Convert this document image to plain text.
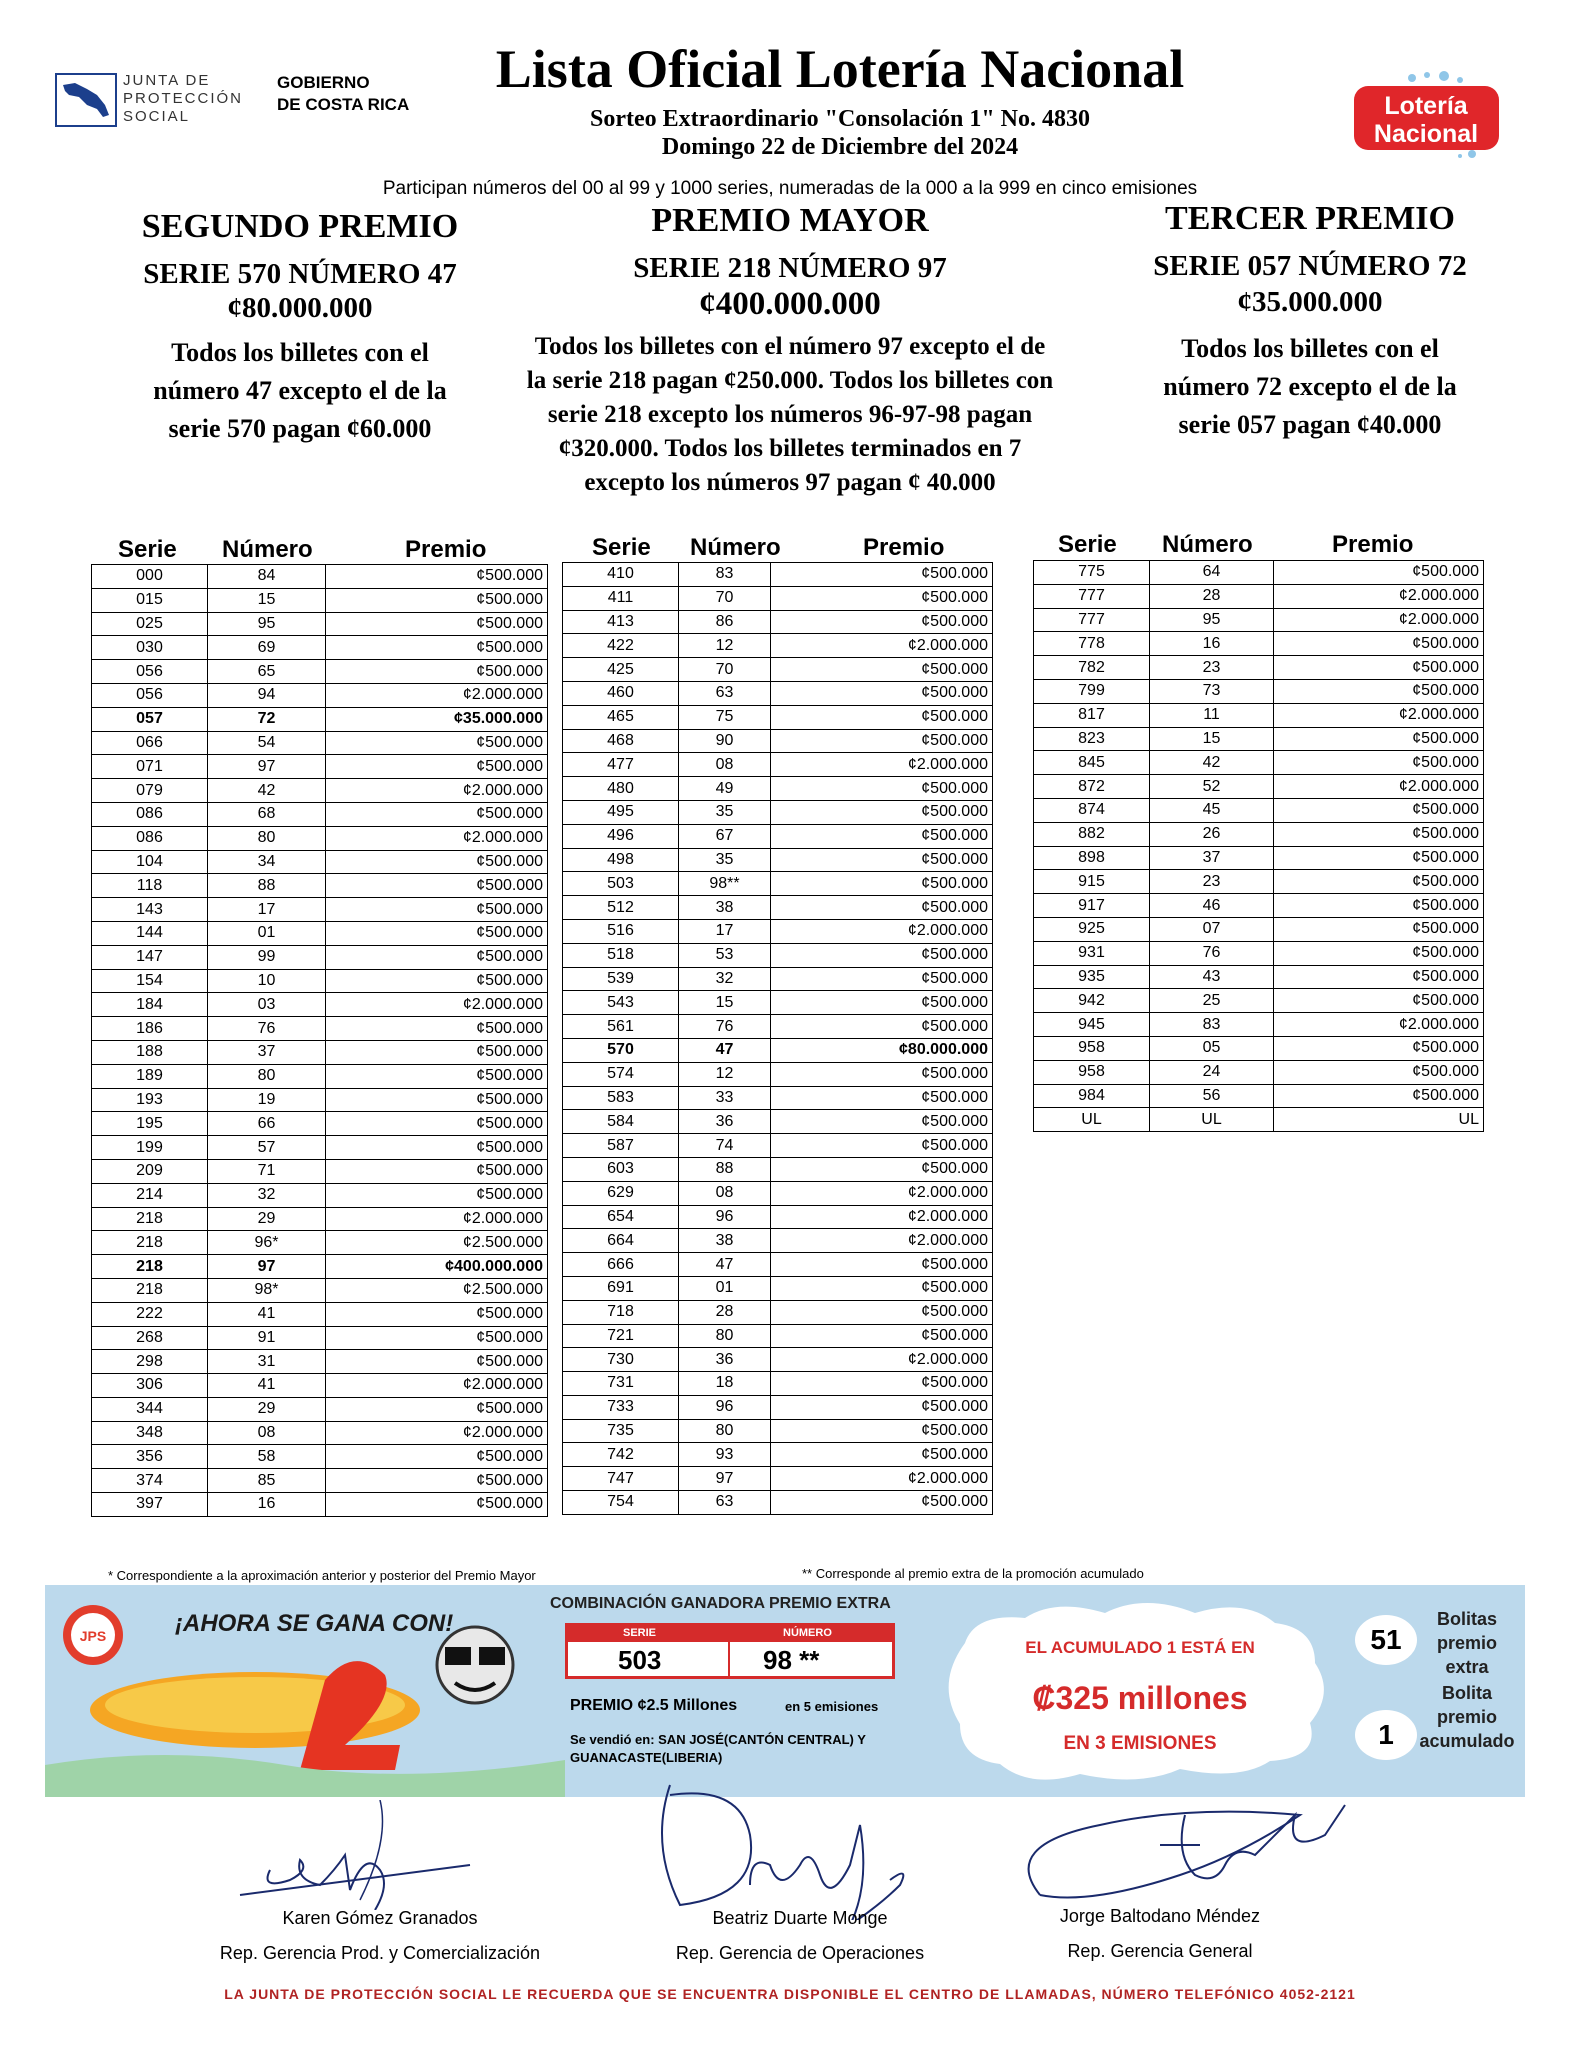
JUNTA DE
PROTECCIÓN
SOCIAL
GOBIERNO
DE COSTA RICA
Lista Oficial Lotería Nacional
Sorteo Extraordinario "Consolación 1" No. 4830
Domingo 22 de Diciembre del 2024
Lotería
Nacional
Participan números del 00 al 99 y 1000 series, numeradas de la 000 a la 999 en cinco emisiones
SEGUNDO PREMIO
SERIE 570 NÚMERO 47
¢80.000.000
Todos los billetes con el
número 47 excepto el de la
serie 570 pagan ¢60.000
PREMIO MAYOR
SERIE 218 NÚMERO 97
¢400.000.000
Todos los billetes con el número 97 excepto el de
la serie 218 pagan ¢250.000. Todos los billetes con
serie 218 excepto los números 96-97-98 pagan
¢320.000. Todos los billetes terminados en 7
excepto los números 97 pagan ¢ 40.000
TERCER PREMIO
SERIE 057 NÚMERO 72
¢35.000.000
Todos los billetes con el
número 72 excepto el de la
serie 057 pagan ¢40.000
Serie Número	Premio	Serie Número	Premio	Serie Número	Premio
000	84	¢500.000
015	15	¢500.000
025	95	¢500.000
030	69	¢500.000
056	65	¢500.000
056	94	¢2.000.000
057	72	¢35.000.000
066	54	¢500.000
071	97	¢500.000
079	42	¢2.000.000
086	68	¢500.000
086	80	¢2.000.000
104	34	¢500.000
118	88	¢500.000
143	17	¢500.000
144	01	¢500.000
147	99	¢500.000
154	10	¢500.000
184	03	¢2.000.000
186	76	¢500.000
188	37	¢500.000
189	80	¢500.000
193	19	¢500.000
195	66	¢500.000
199	57	¢500.000
209	71	¢500.000
214	32	¢500.000
218	29	¢2.000.000
218	96*	¢2.500.000
218	97	¢400.000.000
218	98*	¢2.500.000
222	41	¢500.000
268	91	¢500.000
298	31	¢500.000
306	41	¢2.000.000
344	29	¢500.000
348	08	¢2.000.000
356	58	¢500.000
374	85	¢500.000
397	16	¢500.000
410	83	¢500.000
411	70	¢500.000
413	86	¢500.000
422	12	¢2.000.000
425	70	¢500.000
460	63	¢500.000
465	75	¢500.000
468	90	¢500.000
477	08	¢2.000.000
480	49	¢500.000
495	35	¢500.000
496	67	¢500.000
498	35	¢500.000
503	98**	¢500.000
512	38	¢500.000
516	17	¢2.000.000
518	53	¢500.000
539	32	¢500.000
543	15	¢500.000
561	76	¢500.000
570	47	¢80.000.000
574	12	¢500.000
583	33	¢500.000
584	36	¢500.000
587	74	¢500.000
603	88	¢500.000
629	08	¢2.000.000
654	96	¢2.000.000
664	38	¢2.000.000
666	47	¢500.000
691	01	¢500.000
718	28	¢500.000
721	80	¢500.000
730	36	¢2.000.000
731	18	¢500.000
733	96	¢500.000
735	80	¢500.000
742	93	¢500.000
747	97	¢2.000.000
754	63	¢500.000
775	64	¢500.000
777	28	¢2.000.000
777	95	¢2.000.000
778	16	¢500.000
782	23	¢500.000
799	73	¢500.000
817	11	¢2.000.000
823	15	¢500.000
845	42	¢500.000
872	52	¢2.000.000
874	45	¢500.000
882	26	¢500.000
898	37	¢500.000
915	23	¢500.000
917	46	¢500.000
925	07	¢500.000
931	76	¢500.000
935	43	¢500.000
942	25	¢500.000
945	83	¢2.000.000
958	05	¢500.000
958	24	¢500.000
984	56	¢500.000
UL	UL	UL
* Correspondiente a la aproximación anterior y posterior del Premio Mayor	** Corresponde al premio extra de la promoción acumulado
JPS	¡AHORA SE GANA CON!
COMBINACIÓN GANADORA PREMIO EXTRA
SERIE	NÚMERO
503	98 **
PREMIO ¢2.5 Millones	en 5 emisiones
Se vendió en: SAN JOSÉ(CANTÓN CENTRAL) Y GUANACASTE(LIBERIA)
EL ACUMULADO 1 ESTÁ EN
₡325 millones
EN 3 EMISIONES
51
Bolitas
premio
extra
1
Bolita
premio
acumulado
Karen Gómez Granados
Rep. Gerencia Prod. y Comercialización
Beatriz Duarte Monge
Rep. Gerencia de Operaciones
Jorge Baltodano Méndez
Rep. Gerencia General
LA JUNTA DE PROTECCIÓN SOCIAL LE RECUERDA QUE SE ENCUENTRA DISPONIBLE EL CENTRO DE LLAMADAS, NÚMERO TELEFÓNICO 4052-2121
